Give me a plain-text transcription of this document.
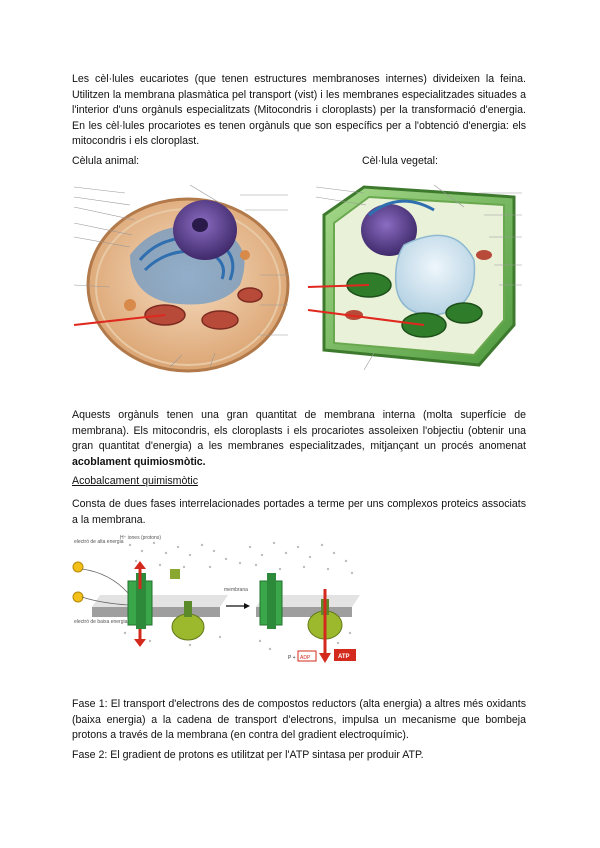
Les cèl·lules eucariotes (que tenen estructures membranoses internes) divideixen la feina. Utilitzen la membrana plasmàtica pel transport (vist) i les membranes especialitzades situades a l'interior d'uns orgànuls especialitzats (Mitocondris i cloroplasts) per la transformació d'energia. En les cèl·lules procariotes es tenen orgànuls que son específics per a l'obtenció d'energia: els mitocondris i els cloroplast.

Cèlula animal:	Cèl·lula vegetal:

Aquests orgànuls tenen una gran quantitat de membrana interna (molta superfície de membrana). Els mitocondris, els cloroplasts i els procariotes assoleixen l'objectiu (obtenir una gran quantitat d'energia) a les membranes especialitzades, mitjançant un procés anomenat acoblament quimiosmòtic.

Acobalcament quimismòtic

Consta de dues fases interrelacionades portades a terme per uns complexos proteics associats a la membrana.

electró de alta energia
H⁺ iones (protons)
electró de baixa energia
membrana
P + ADP	ATP

Fase 1: El transport d'electrons des de compostos reductors (alta energia) a altres més oxidants (baixa energia) a la cadena de transport d'electrons, impulsa un mecanisme que bombeja protons a través de la membrana (en contra del gradient electroquímic).

Fase 2: El gradient de protons es utilitzat per l'ATP sintasa per produir ATP.
